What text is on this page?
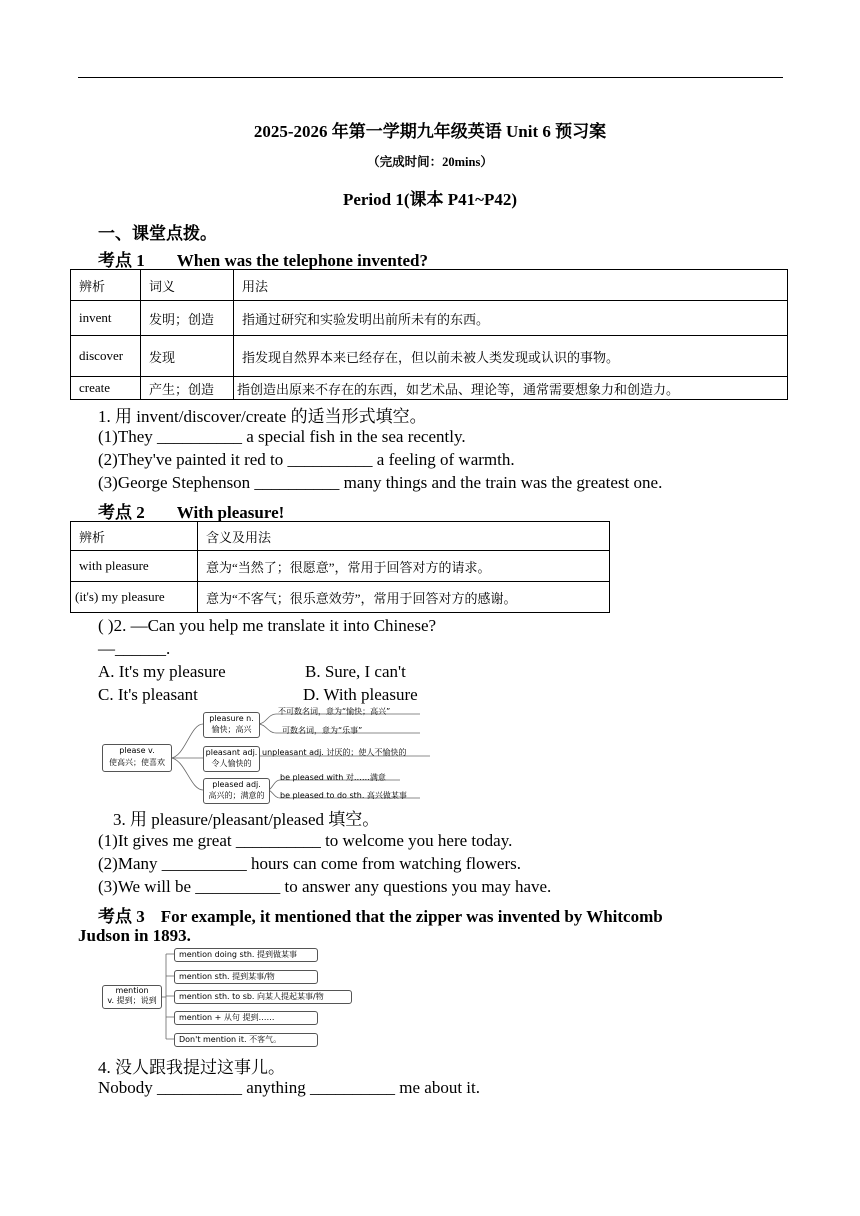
2025-2026 年第一学期九年级英语 Unit 6 预习案
（完成时间：20mins）
Period 1(课本 P41~P42)
一、课堂点拨。
考点 1 When was the telephone invented?
辨析	词义	用法
invent	发明；创造	指通过研究和实验发明出前所未有的东西。
discover	发现	指发现自然界本来已经存在，但以前未被人类发现或认识的事物。
create	产生；创造	指创造出原来不存在的东西，如艺术品、理论等，通常需要想象力和创造力。
1. 用 invent/discover/create 的适当形式填空。
(1)They __________ a special fish in the sea recently.
(2)They've painted it red to __________ a feeling of warmth.
(3)George Stephenson __________ many things and the train was the greatest one.
考点 2 With pleasure!
辨析	含义及用法
with pleasure	意为“当然了；很愿意”，常用于回答对方的请求。
(it's) my pleasure	意为“不客气；很乐意效劳”，常用于回答对方的感谢。
( )2. —Can you help me translate it into Chinese?
—______.
A. It's my pleasure	B. Sure, I can't
C. It's pleasant	D. With pleasure
please v.
使高兴；使喜欢
pleasure n.
愉快；高兴
不可数名词，意为“愉快；高兴”
可数名词，意为“乐事”
pleasant adj.
令人愉快的
unpleasant adj. 讨厌的；使人不愉快的
pleased adj.
高兴的；满意的
be pleased with 对……满意
be pleased to do sth. 高兴做某事
3. 用 pleasure/pleasant/pleased 填空。
(1)It gives me great __________ to welcome you here today.
(2)Many __________ hours can come from watching flowers.
(3)We will be __________ to answer any questions you may have.
考点 3 For example, it mentioned that the zipper was invented by Whitcomb
Judson in 1893.
mention
v. 提到；说到
mention doing sth. 提到做某事
mention sth. 提到某事/物
mention sth. to sb. 向某人提起某事/物
mention + 从句 提到……
Don't mention it. 不客气。
4. 没人跟我提过这事儿。
Nobody __________ anything __________ me about it.
